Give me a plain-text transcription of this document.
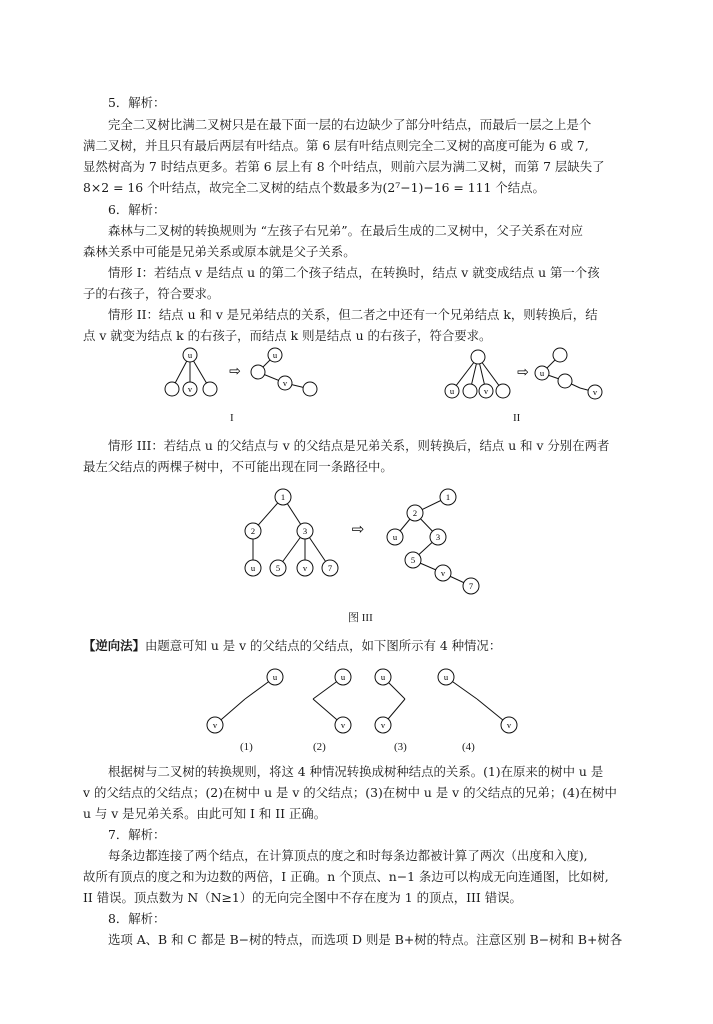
5．解析：
完全二叉树比满二叉树只是在最下面一层的右边缺少了部分叶结点，而最后一层之上是个
满二叉树，并且只有最后两层有叶结点。第 6 层有叶结点则完全二叉树的高度可能为 6 或 7,
显然树高为 7 时结点更多。若第 6 层上有 8 个叶结点，则前六层为满二叉树，而第 7 层缺失了
8×2 = 16 个叶结点，故完全二叉树的结点个数最多为(2⁷−1)−16 = 111 个结点。
6．解析：
森林与二叉树的转换规则为 “左孩子右兄弟”。在最后生成的二叉树中，父子关系在对应
森林关系中可能是兄弟关系或原本就是父子关系。
情形 I：若结点 v 是结点 u 的第二个孩子结点，在转换时，结点 v 就变成结点 u 第一个孩
子的右孩子，符合要求。
情形 II：结点 u 和 v 是兄弟结点的关系，但二者之中还有一个兄弟结点 k，则转换后，结
点 v 就变为结点 k 的右孩子，而结点 k 则是结点 u 的右孩子，符合要求。
u
v
⇨
u
v
I
u	v
⇨ u
v
II
情形 III：若结点 u 的父结点与 v 的父结点是兄弟关系，则转换后，结点 u 和 v 分别在两者
最左父结点的两棵子树中，不可能出现在同一条路径中。
1
2	3
u 5	v 7
⇨
1
2
u	3
5
v
7
图 III
【逆向法】由题意可知 u 是 v 的父结点的父结点，如下图所示有 4 种情况：
u
v
u
v
u
v
u
v
(1)	(2)	(3)	(4)
根据树与二叉树的转换规则，将这 4 种情况转换成树种结点的关系。(1)在原来的树中 u 是
v 的父结点的父结点；(2)在树中 u 是 v 的父结点；(3)在树中 u 是 v 的父结点的兄弟；(4)在树中
u 与 v 是兄弟关系。由此可知 I 和 II 正确。
7．解析：
每条边都连接了两个结点，在计算顶点的度之和时每条边都被计算了两次（出度和入度),
故所有顶点的度之和为边数的两倍，I 正确。n 个顶点、n−1 条边可以构成无向连通图，比如树,
II 错误。顶点数为 N（N≥1）的无向完全图中不存在度为 1 的顶点，III 错误。
8．解析：
选项 A、B 和 C 都是 B−树的特点，而选项 D 则是 B+树的特点。注意区别 B−树和 B+树各
